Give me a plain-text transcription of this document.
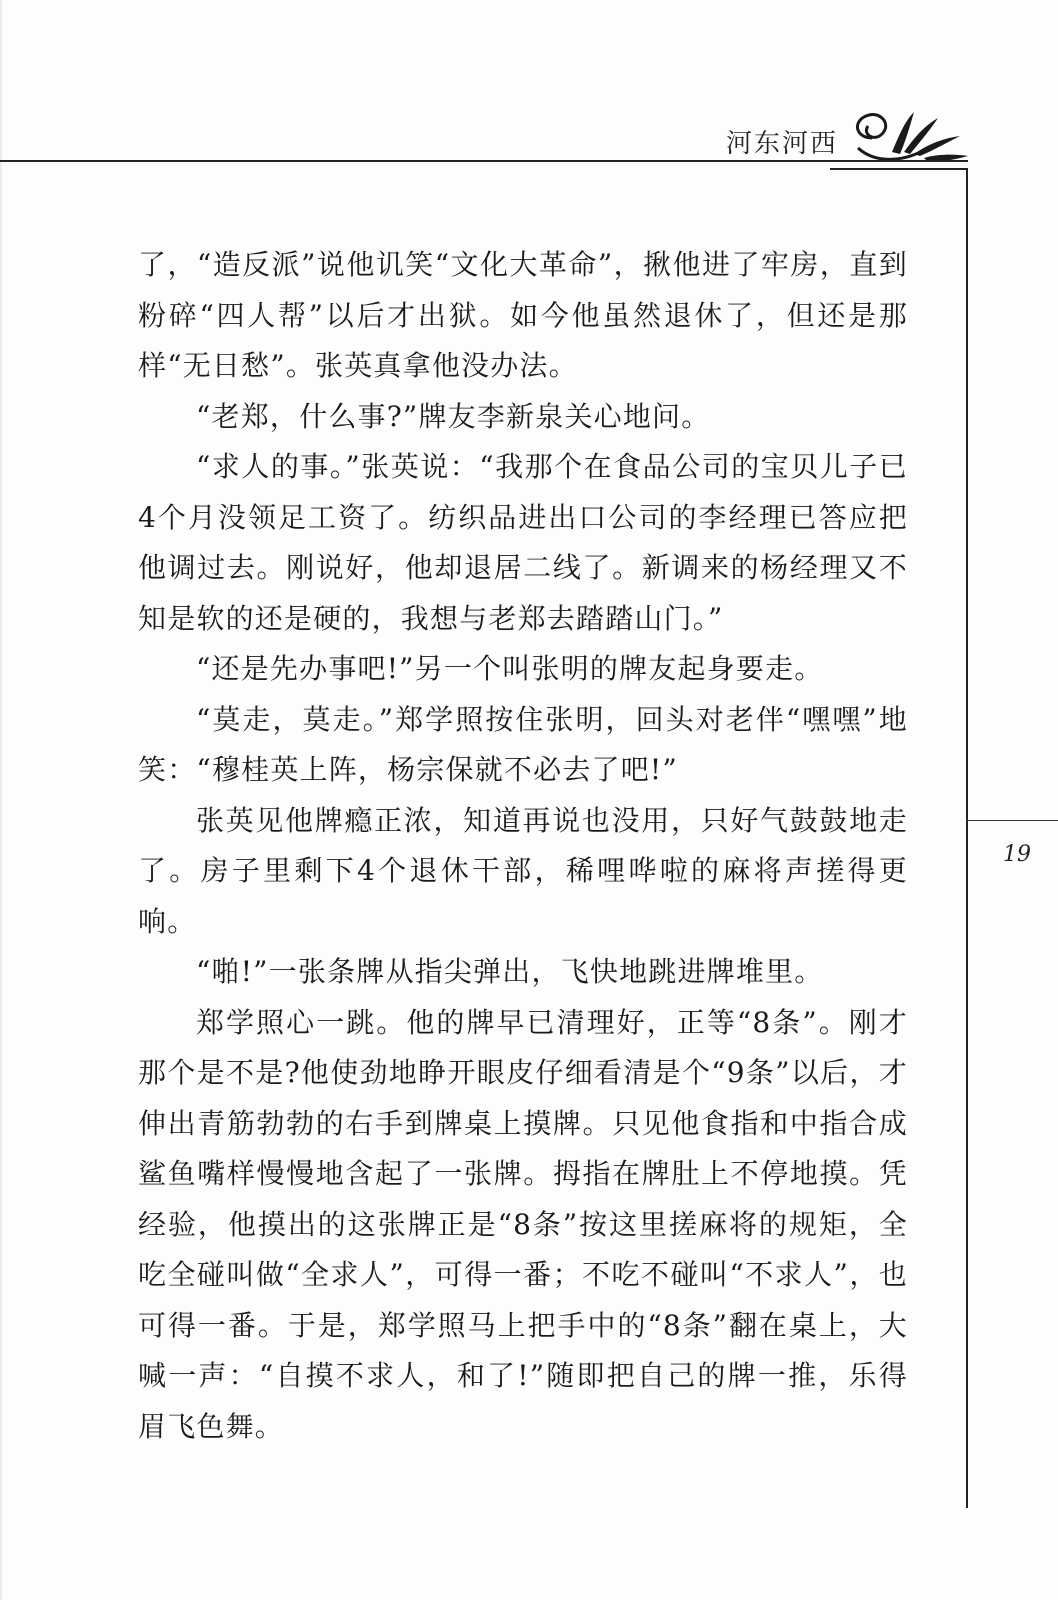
河东河西
19

了，“造反派”说他讥笑“文化大革命”，揪他进了牢房，直到粉碎“四人帮”以后才出狱。如今他虽然退休了，但还是那样“无日愁”。张英真拿他没办法。

“老郑，什么事?”牌友李新泉关心地问。

“求人的事。”张英说：“我那个在食品公司的宝贝儿子已4个月没领足工资了。纺织品进出口公司的李经理已答应把他调过去。刚说好，他却退居二线了。新调来的杨经理又不知是软的还是硬的，我想与老郑去踏踏山门。”

“还是先办事吧!”另一个叫张明的牌友起身要走。

“莫走，莫走。”郑学照按住张明，回头对老伴“嘿嘿”地笑：“穆桂英上阵，杨宗保就不必去了吧!”

张英见他牌瘾正浓，知道再说也没用，只好气鼓鼓地走了。房子里剩下4个退休干部，稀哩哗啦的麻将声搓得更响。

“啪!”一张条牌从指尖弹出，飞快地跳进牌堆里。

郑学照心一跳。他的牌早已清理好，正等“8条”。刚才那个是不是?他使劲地睁开眼皮仔细看清是个“9条”以后，才伸出青筋勃勃的右手到牌桌上摸牌。只见他食指和中指合成鲨鱼嘴样慢慢地含起了一张牌。拇指在牌肚上不停地摸。凭经验，他摸出的这张牌正是“8条”按这里搓麻将的规矩，全吃全碰叫做“全求人”，可得一番；不吃不碰叫“不求人”，也可得一番。于是，郑学照马上把手中的“8条”翻在桌上，大喊一声：“自摸不求人，和了!”随即把自己的牌一推，乐得眉飞色舞。
